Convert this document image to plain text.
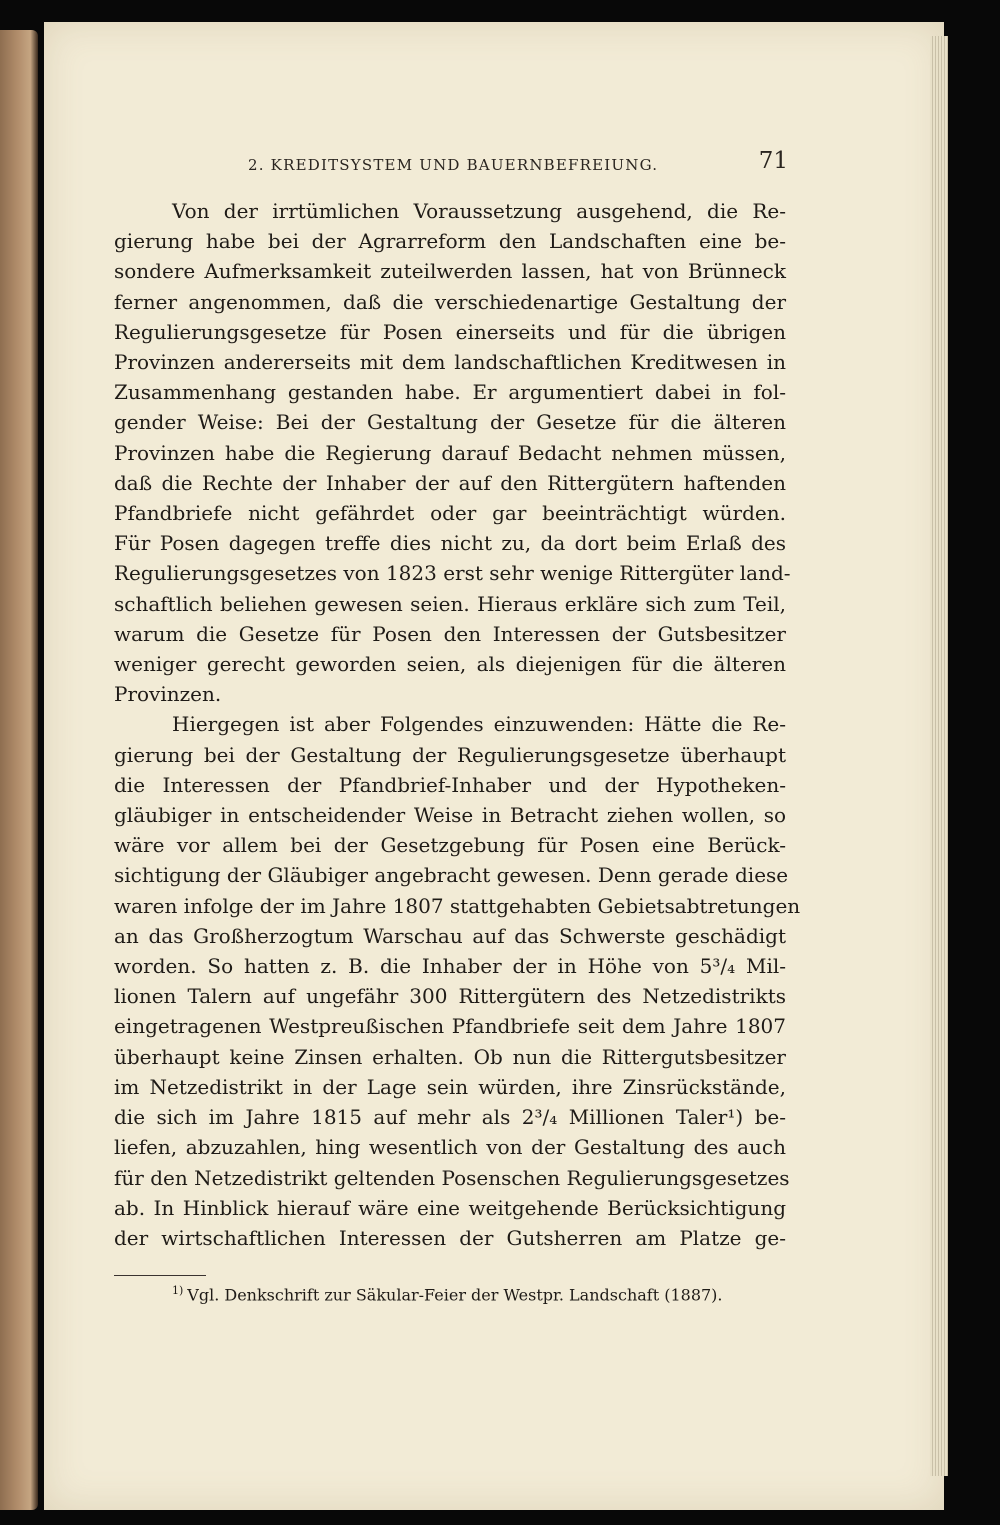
2. KREDITSYSTEM UND BAUERNBEFREIUNG.	71
Von der irrtümlichen Voraussetzung ausgehend, die Re-
gierung habe bei der Agrarreform den Landschaften eine be-
sondere Aufmerksamkeit zuteilwerden lassen, hat von Brünneck
ferner angenommen, daß die verschiedenartige Gestaltung der
Regulierungsgesetze für Posen einerseits und für die übrigen
Provinzen andererseits mit dem landschaftlichen Kreditwesen in
Zusammenhang gestanden habe. Er argumentiert dabei in fol-
gender Weise: Bei der Gestaltung der Gesetze für die älteren
Provinzen habe die Regierung darauf Bedacht nehmen müssen,
daß die Rechte der Inhaber der auf den Rittergütern haftenden
Pfandbriefe nicht gefährdet oder gar beeinträchtigt würden.
Für Posen dagegen treffe dies nicht zu, da dort beim Erlaß des
Regulierungsgesetzes von 1823 erst sehr wenige Rittergüter land-
schaftlich beliehen gewesen seien. Hieraus erkläre sich zum Teil,
warum die Gesetze für Posen den Interessen der Gutsbesitzer
weniger gerecht geworden seien, als diejenigen für die älteren
Provinzen.
Hiergegen ist aber Folgendes einzuwenden: Hätte die Re-
gierung bei der Gestaltung der Regulierungsgesetze überhaupt
die Interessen der Pfandbrief-Inhaber und der Hypotheken-
gläubiger in entscheidender Weise in Betracht ziehen wollen, so
wäre vor allem bei der Gesetzgebung für Posen eine Berück-
sichtigung der Gläubiger angebracht gewesen. Denn gerade diese
waren infolge der im Jahre 1807 stattgehabten Gebietsabtretungen
an das Großherzogtum Warschau auf das Schwerste geschädigt
worden. So hatten z. B. die Inhaber der in Höhe von 5³/₄ Mil-
lionen Talern auf ungefähr 300 Rittergütern des Netzedistrikts
eingetragenen Westpreußischen Pfandbriefe seit dem Jahre 1807
überhaupt keine Zinsen erhalten. Ob nun die Rittergutsbesitzer
im Netzedistrikt in der Lage sein würden, ihre Zinsrückstände,
die sich im Jahre 1815 auf mehr als 2³/₄ Millionen Taler¹) be-
liefen, abzuzahlen, hing wesentlich von der Gestaltung des auch
für den Netzedistrikt geltenden Posenschen Regulierungsgesetzes
ab. In Hinblick hierauf wäre eine weitgehende Berücksichtigung
der wirtschaftlichen Interessen der Gutsherren am Platze ge-
$^{1)}$ Vgl. Denkschrift zur Säkular-Feier der Westpr. Landschaft (1887).
